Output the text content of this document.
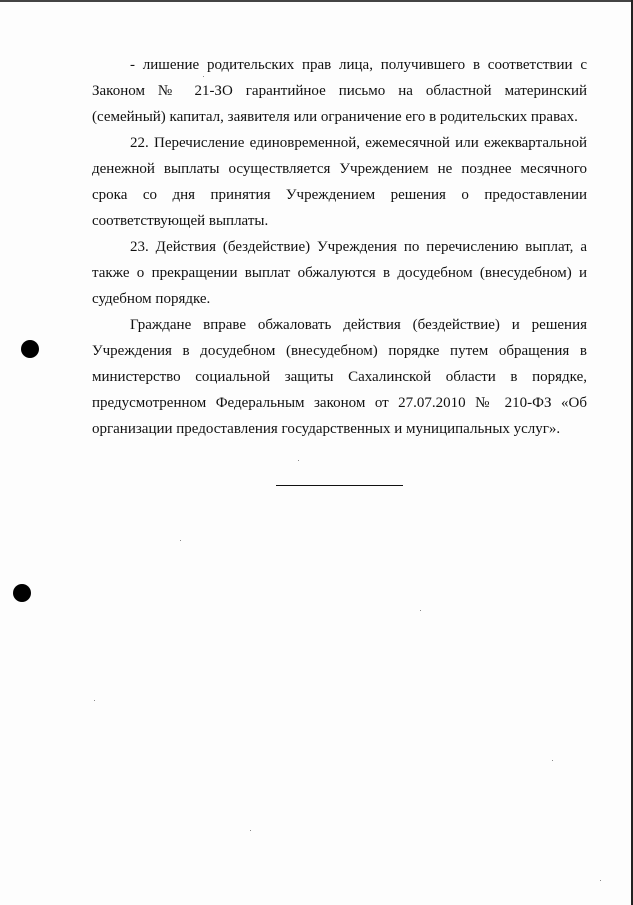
- лишение родительских прав лица, получившего в соответствии с Законом № 21-ЗО гарантийное письмо на областной материнский (семейный) капитал, заявителя или ограничение его в родительских правах.

22. Перечисление единовременной, ежемесячной или ежеквартальной денежной выплаты осуществляется Учреждением не позднее месячного срока со дня принятия Учреждением решения о предоставлении соответствующей выплаты.

23. Действия (бездействие) Учреждения по перечислению выплат, а также о прекращении выплат обжалуются в досудебном (внесудебном) и судебном порядке.

Граждане вправе обжаловать действия (бездействие) и решения Учреждения в досудебном (внесудебном) порядке путем обращения в министерство социальной защиты Сахалинской области в порядке, предусмотренном Федеральным законом от 27.07.2010 № 210-ФЗ «Об организации предоставления государственных и муниципальных услуг».
